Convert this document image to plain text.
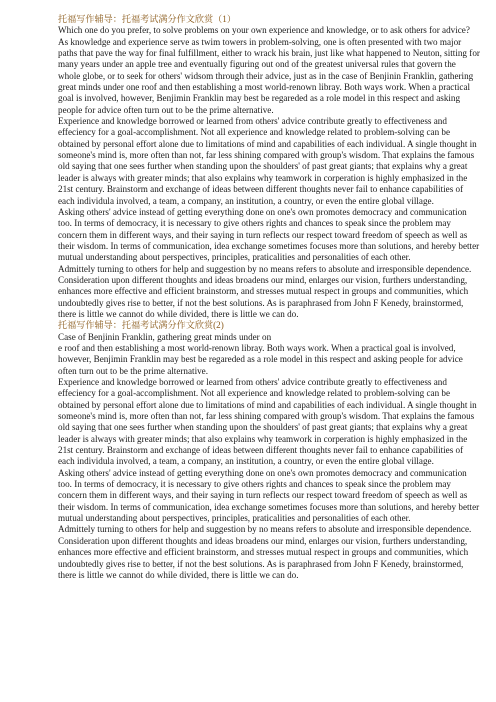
托福写作辅导：托福考试满分作文欣赏（1）

Which one do you prefer, to solve problems on your own experience and knowledge, or to ask others for advice?

As knowledge and experience serve as twim towers in problem-solving, one is often presented with two major paths that pave the way for final fulfillment, either to wrack his brain, just like what happened to Neuton, sitting for many years under an apple tree and eventually figuring out ond of the greatest universal rules that govern the whole globe, or to seek for others' widsom through their advice, just as in the case of Benjinin Franklin, gathering great minds under one roof and then establishing a most world-renown libray. Both ways work. When a practical goal is involved, however, Benjimin Franklin may best be regareded as a role model in this respect and asking people for advice often turn out to be the prime alternative.

Experience and knowledge borrowed or learned from others' advice contribute greatly to effectiveness and effeciency for a goal-accomplishment. Not all experience and knowledge related to problem-solving can be obtained by personal effort alone due to limitations of mind and capabilities of each individual. A single thought in someone's mind is, more often than not, far less shining compared with group's wisdom. That explains the famous old saying that one sees further when standing upon the shoulders' of past great giants; that explains why a great leader is always with greater minds; that also explains why teamwork in corperation is highly emphasized in the 21st century. Brainstorm and exchange of ideas between different thoughts never fail to enhance capabilities of each individula involved, a team, a company, an institution, a country, or even the entire global village.

Asking others' advice instead of getting everything done on one's own promotes democracy and communication too. In terms of democracy, it is necessary to give others rights and chances to speak since the problem may concern them in different ways, and their saying in turn reflects our respect toward freedom of speech as well as their wisdom. In terms of communication, idea exchange sometimes focuses more than solutions, and hereby better mutual understanding about perspectives, principles, praticalities and personalities of each other.

Admittely turning to others for help and suggestion by no means refers to absolute and irresponsible dependence. Consideration upon different thoughts and ideas broadens our mind, enlarges our vision, furthers understanding, enhances more effective and efficient brainstorm, and stresses mutual respect in groups and communities, which undoubtedly gives rise to better, if not the best solutions. As is paraphrased from John F Kenedy, brainstormed, there is little we cannot do while divided, there is little we can do.

托福写作辅导：托福考试满分作文欣赏(2)

Case of Benjinin Franklin, gathering great minds under on

e roof and then establishing a most world-renown libray. Both ways work. When a practical goal is involved, however, Benjimin Franklin may best be regareded as a role model in this respect and asking people for advice often turn out to be the prime alternative.

Experience and knowledge borrowed or learned from others' advice contribute greatly to effectiveness and effeciency for a goal-accomplishment. Not all experience and knowledge related to problem-solving can be obtained by personal effort alone due to limitations of mind and capabilities of each individual. A single thought in someone's mind is, more often than not, far less shining compared with group's wisdom. That explains the famous old saying that one sees further when standing upon the shoulders' of past great giants; that explains why a great leader is always with greater minds; that also explains why teamwork in corperation is highly emphasized in the 21st century. Brainstorm and exchange of ideas between different thoughts never fail to enhance capabilities of each individula involved, a team, a company, an institution, a country, or even the entire global village.

Asking others' advice instead of getting everything done on one's own promotes democracy and communication too. In terms of democracy, it is necessary to give others rights and chances to speak since the problem may concern them in different ways, and their saying in turn reflects our respect toward freedom of speech as well as their wisdom. In terms of communication, idea exchange sometimes focuses more than solutions, and hereby better mutual understanding about perspectives, principles, praticalities and personalities of each other.

Admittely turning to others for help and suggestion by no means refers to absolute and irresponsible dependence. Consideration upon different thoughts and ideas broadens our mind, enlarges our vision, furthers understanding, enhances more effective and efficient brainstorm, and stresses mutual respect in groups and communities, which undoubtedly gives rise to better, if not the best solutions. As is paraphrased from John F Kenedy, brainstormed, there is little we cannot do while divided, there is little we can do.
